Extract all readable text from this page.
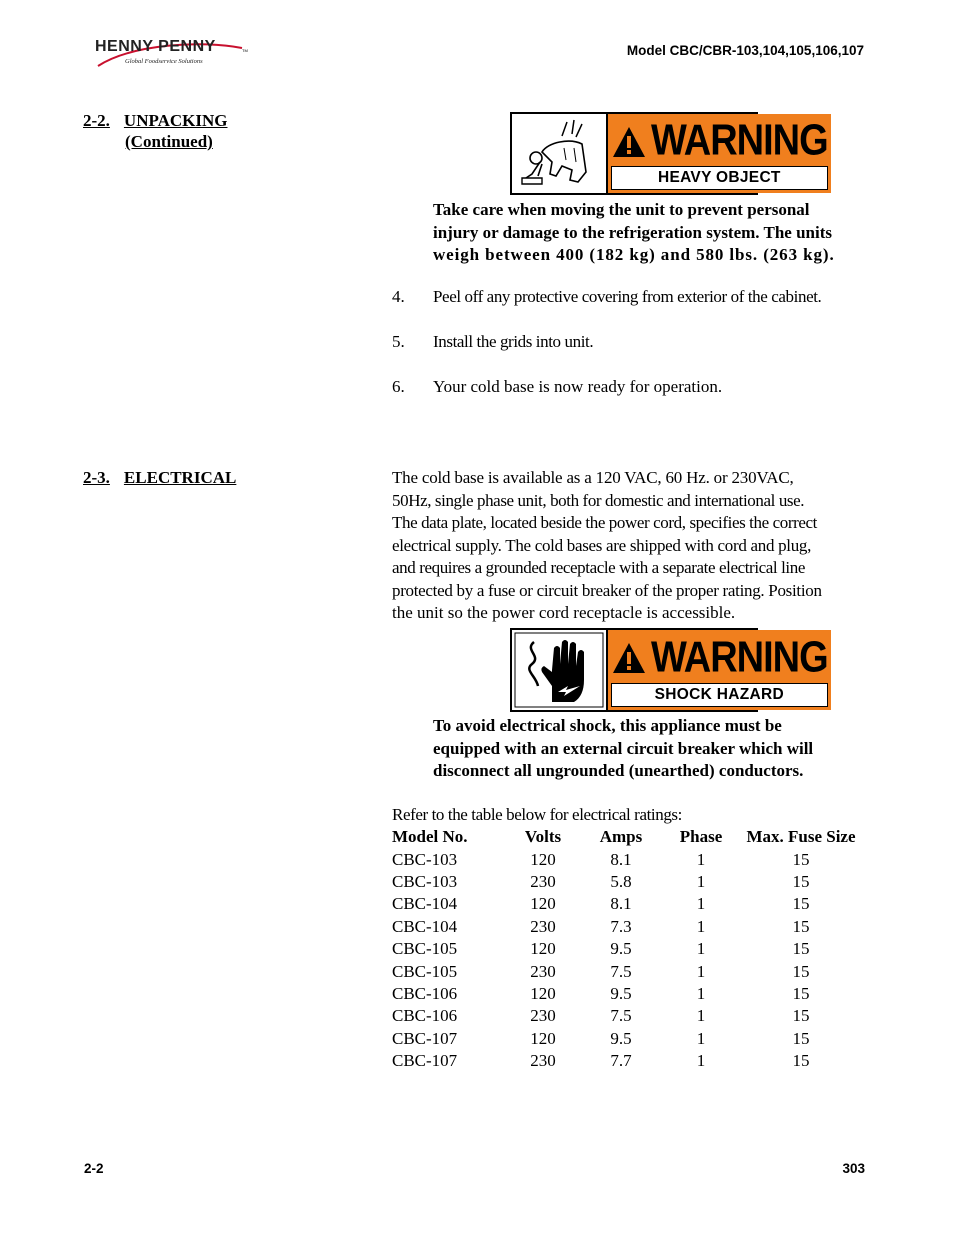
HENNY PENNY	TM
Global Foodservice Solutions
Model CBC/CBR-103,104,105,106,107
2-2. UNPACKING
(Continued)	WARNING
HEAVY OBJECT
Take care when moving the unit to prevent personal
injury or damage to the refrigeration system. The units
weigh between 400 (182 kg) and 580 lbs. (263 kg).
4. Peel off any protective covering from exterior of the cabinet.
5. Install the grids into unit.
6. Your cold base is now ready for operation.
2-3. ELECTRICAL	The cold base is available as a 120 VAC, 60 Hz. or 230VAC,
50Hz, single phase unit, both for domestic and international use.
The data plate, located beside the power cord, specifies the correct
electrical supply. The cold bases are shipped with cord and plug,
and requires a grounded receptacle with a separate electrical line
protected by a fuse or circuit breaker of the proper rating. Position
the unit so the power cord receptacle is accessible.
WARNING
SHOCK HAZARD
To avoid electrical shock, this appliance must be
equipped with an external circuit breaker which will
disconnect all ungrounded (unearthed) conductors.
Refer to the table below for electrical ratings:
Model No.	Volts	Amps	Phase	Max. Fuse Size
CBC-103	120	8.1	1	15
CBC-103	230	5.8	1	15
CBC-104	120	8.1	1	15
CBC-104	230	7.3	1	15
CBC-105	120	9.5	1	15
CBC-105	230	7.5	1	15
CBC-106	120	9.5	1	15
CBC-106	230	7.5	1	15
CBC-107	120	9.5	1	15
CBC-107	230	7.7	1	15
2-2	303
